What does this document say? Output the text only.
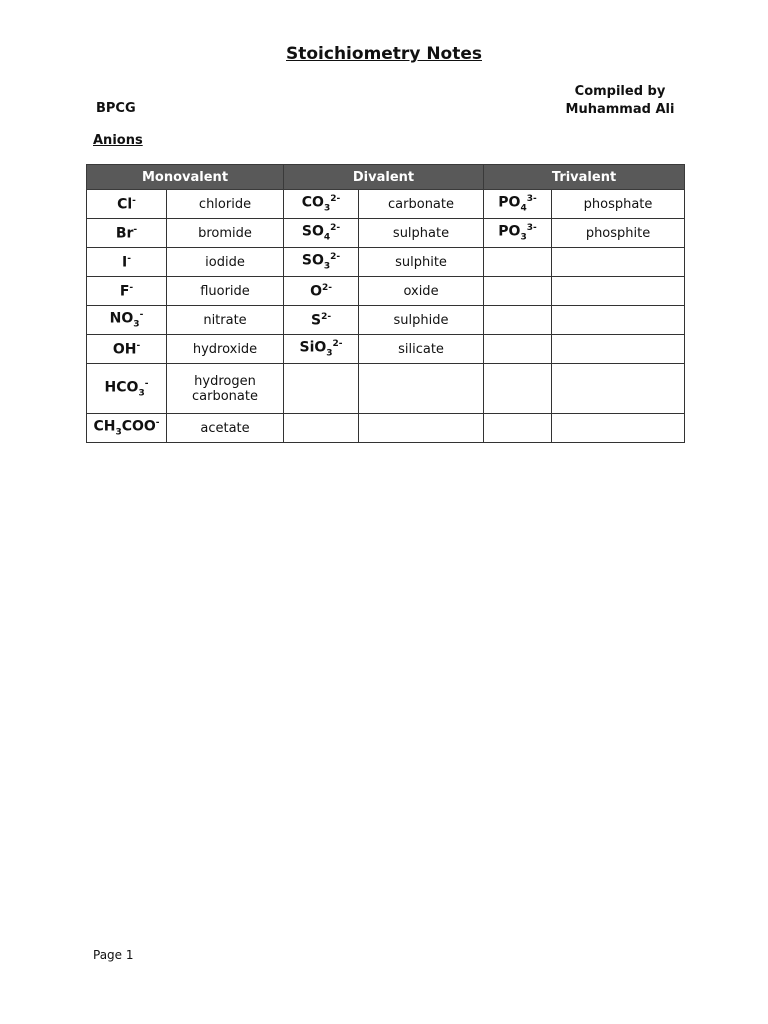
Stoichiometry Notes
Compiled by
Muhammad Ali
BPCG
Anions
Monovalent		Divalent		Trivalent	
Cl-	chloride	$CO_3^{2-}$	carbonate	$PO_4^{3-}$	phosphate
Br-	bromide	$SO_4^{2-}$	sulphate	$PO_3^{3-}$	phosphite
I-	iodide	$SO_3^{2-}$	sulphite		
F-	fluoride	$O^{2-}$	oxide		
$NO_3^-$	nitrate	$S^{2-}$	sulphide		
OH-	hydroxide	SiO$_3^{2-}$	silicate		
$HCO_3^-$	hydrogen
carbonate				

$CH_3COO^-$	acetate				
Page 1
